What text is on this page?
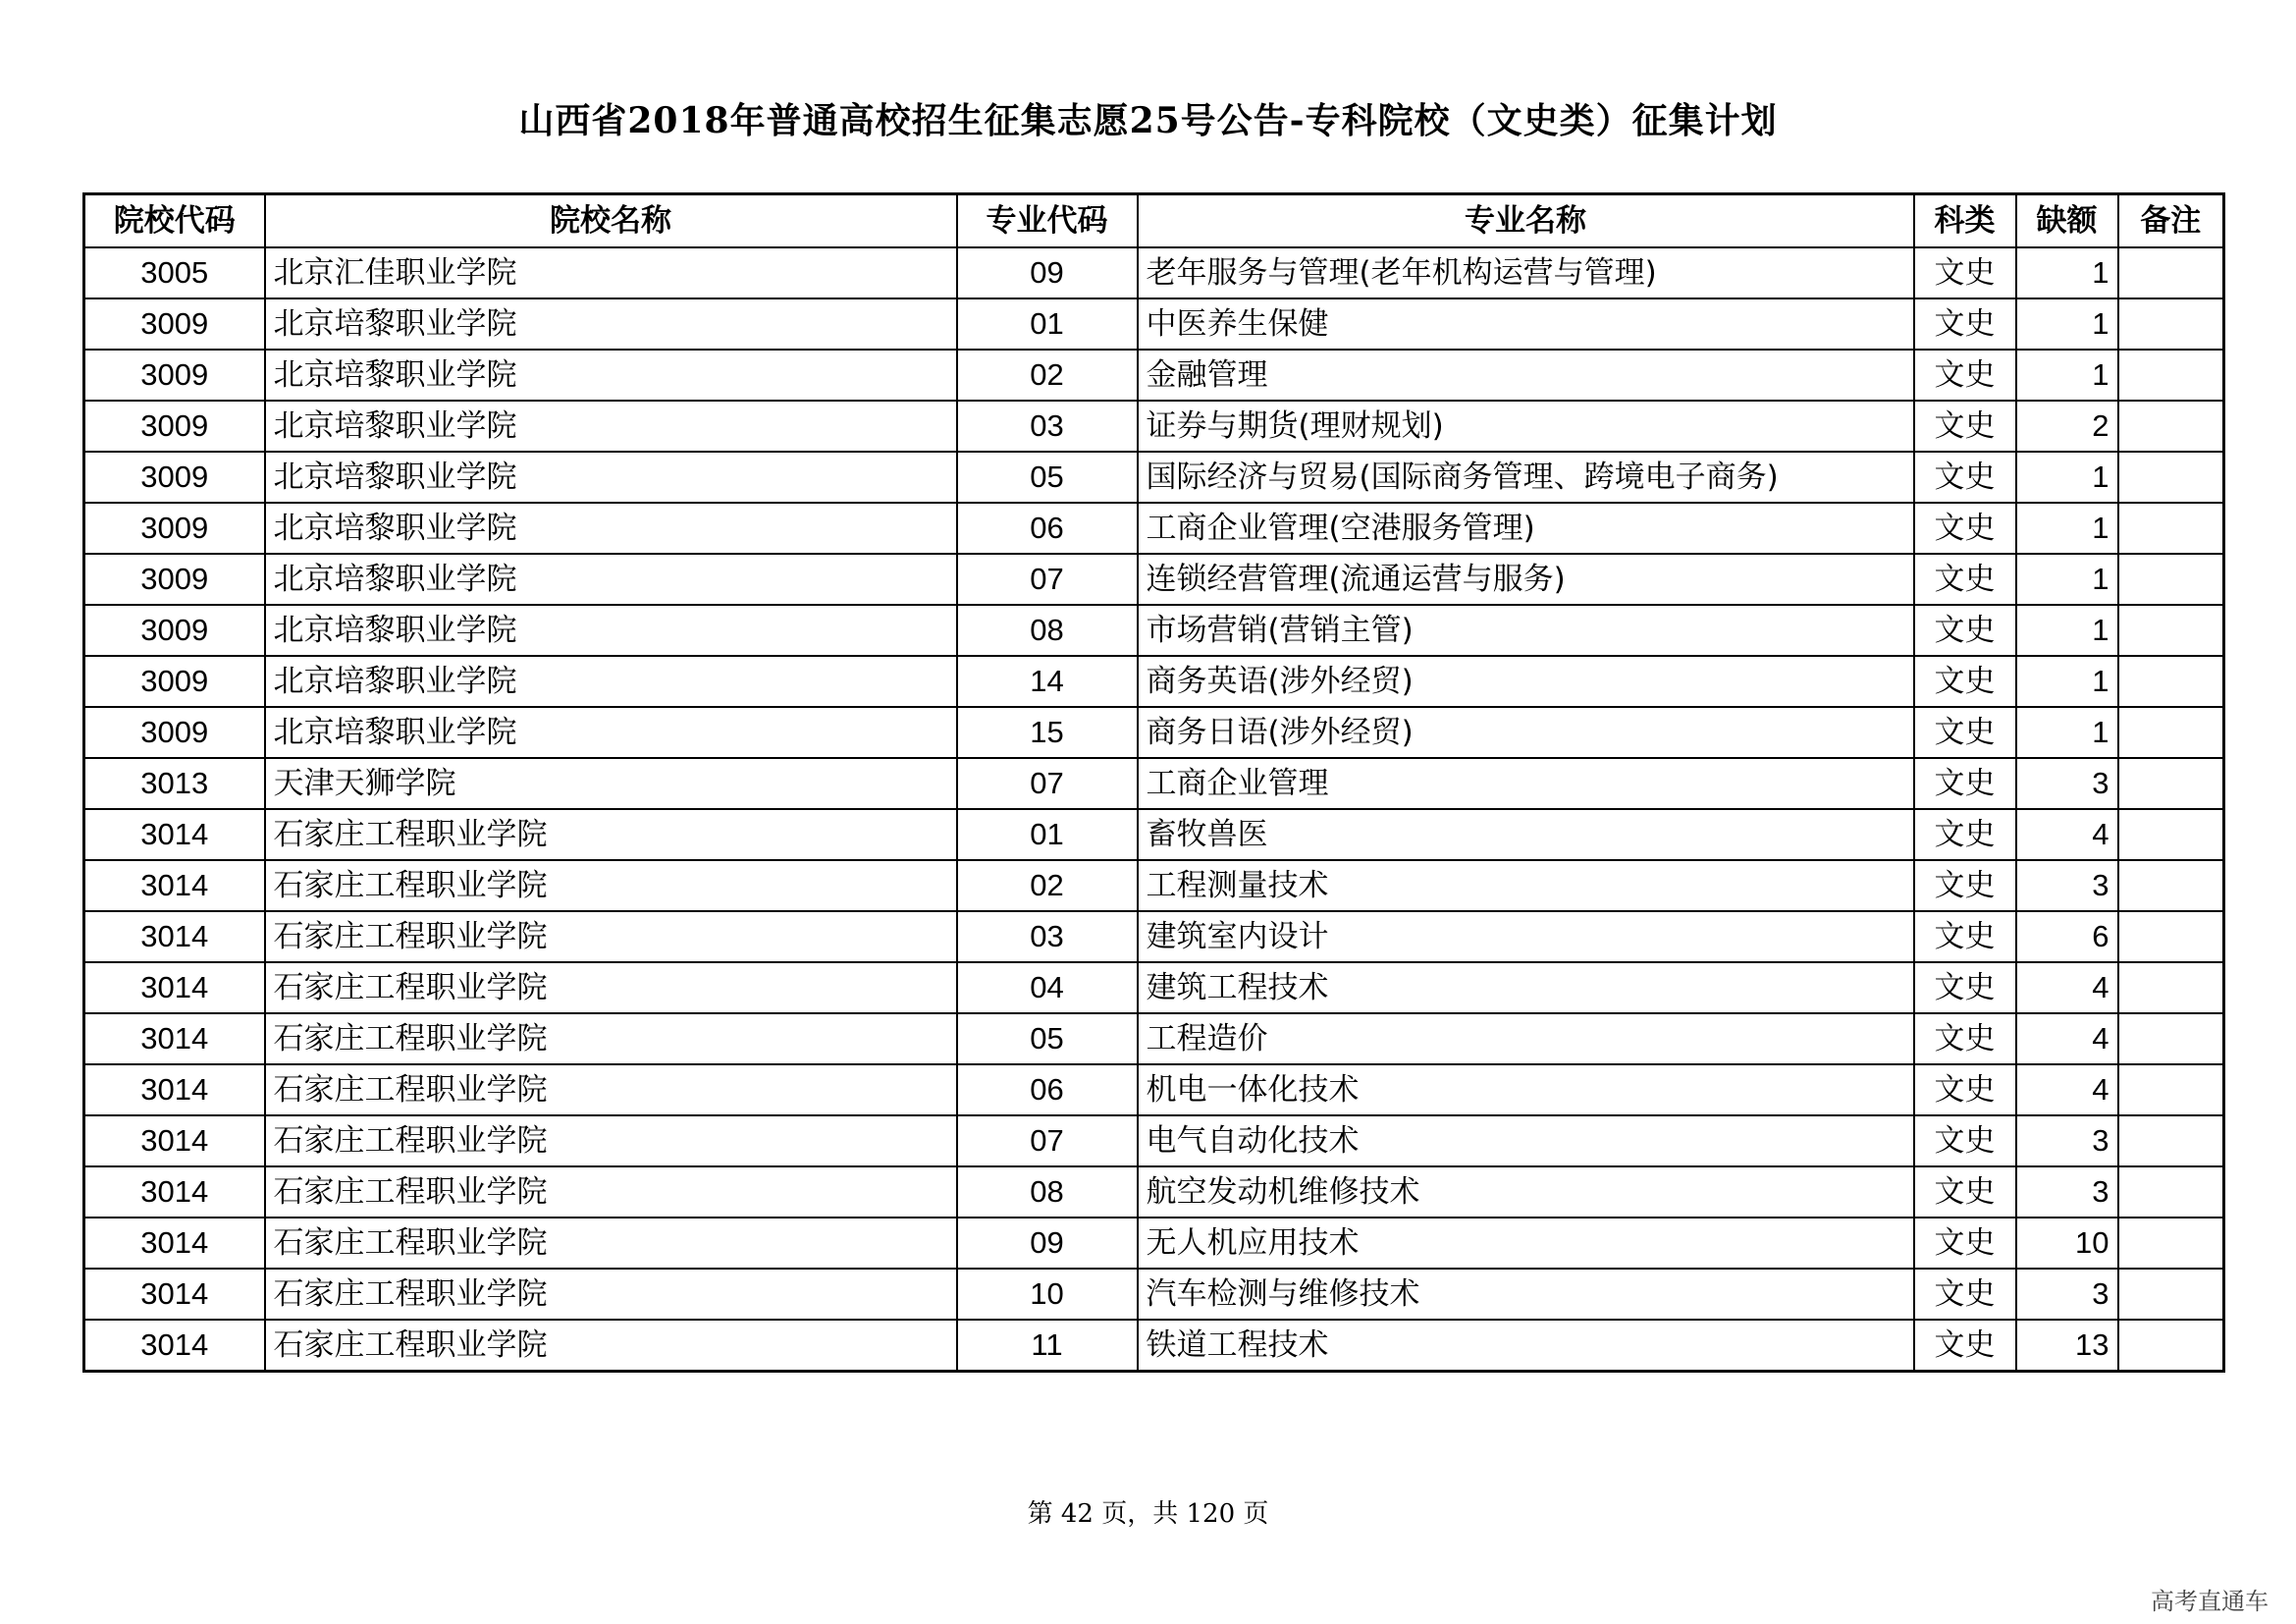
山西省2018年普通高校招生征集志愿25号公告-专科院校（文史类）征集计划
院校代码	院校名称	专业代码	专业名称	科类	缺额	备注
3005	北京汇佳职业学院	09	老年服务与管理(老年机构运营与管理)	文史	1	
3009	北京培黎职业学院	01	中医养生保健	文史	1	
3009	北京培黎职业学院	02	金融管理	文史	1	
3009	北京培黎职业学院	03	证券与期货(理财规划)	文史	2	
3009	北京培黎职业学院	05	国际经济与贸易(国际商务管理、跨境电子商务)	文史	1	
3009	北京培黎职业学院	06	工商企业管理(空港服务管理)	文史	1	
3009	北京培黎职业学院	07	连锁经营管理(流通运营与服务)	文史	1	
3009	北京培黎职业学院	08	市场营销(营销主管)	文史	1	
3009	北京培黎职业学院	14	商务英语(涉外经贸)	文史	1	
3009	北京培黎职业学院	15	商务日语(涉外经贸)	文史	1	
3013	天津天狮学院	07	工商企业管理	文史	3	
3014	石家庄工程职业学院	01	畜牧兽医	文史	4	
3014	石家庄工程职业学院	02	工程测量技术	文史	3	
3014	石家庄工程职业学院	03	建筑室内设计	文史	6	
3014	石家庄工程职业学院	04	建筑工程技术	文史	4	
3014	石家庄工程职业学院	05	工程造价	文史	4	
3014	石家庄工程职业学院	06	机电一体化技术	文史	4	
3014	石家庄工程职业学院	07	电气自动化技术	文史	3	
3014	石家庄工程职业学院	08	航空发动机维修技术	文史	3	
3014	石家庄工程职业学院	09	无人机应用技术	文史	10	
3014	石家庄工程职业学院	10	汽车检测与维修技术	文史	3	
3014	石家庄工程职业学院	11	铁道工程技术	文史	13	
第 42 页，共 120 页
高考直通车
